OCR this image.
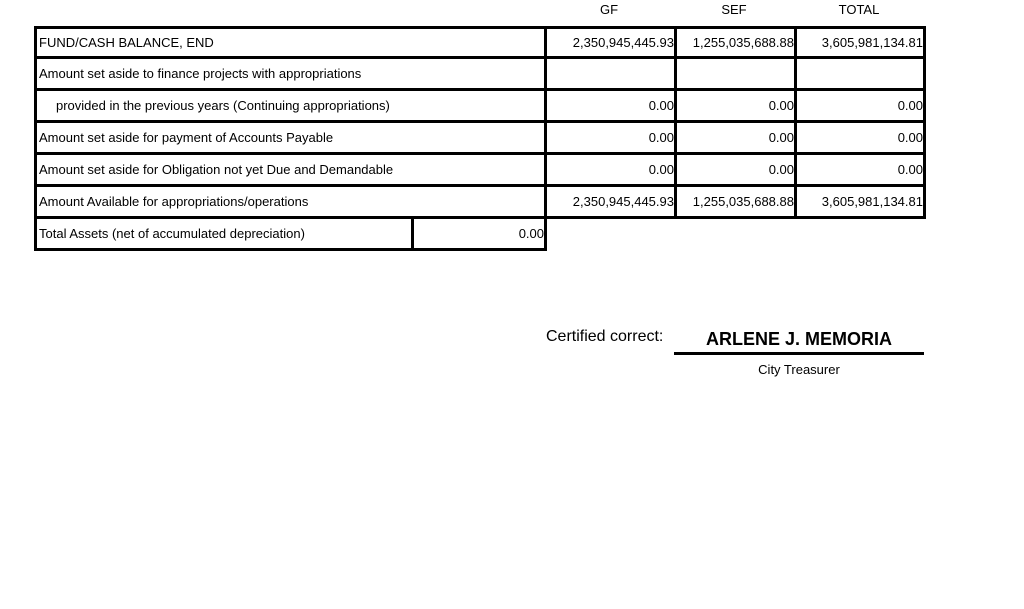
GF	SEF	TOTAL
FUND/CASH BALANCE, END	2,350,945,445.93	1,255,035,688.88	3,605,981,134.81
Amount set aside to finance projects with appropriations
provided in the previous years (Continuing appropriations)	0.00	0.00	0.00
Amount set aside for payment of Accounts Payable	0.00	0.00	0.00
Amount set aside for Obligation not yet Due and Demandable	0.00	0.00	0.00
Amount Available for appropriations/operations	2,350,945,445.93	1,255,035,688.88	3,605,981,134.81
Total Assets (net of accumulated depreciation)	0.00
Certified correct:	ARLENE J. MEMORIA
City Treasurer
